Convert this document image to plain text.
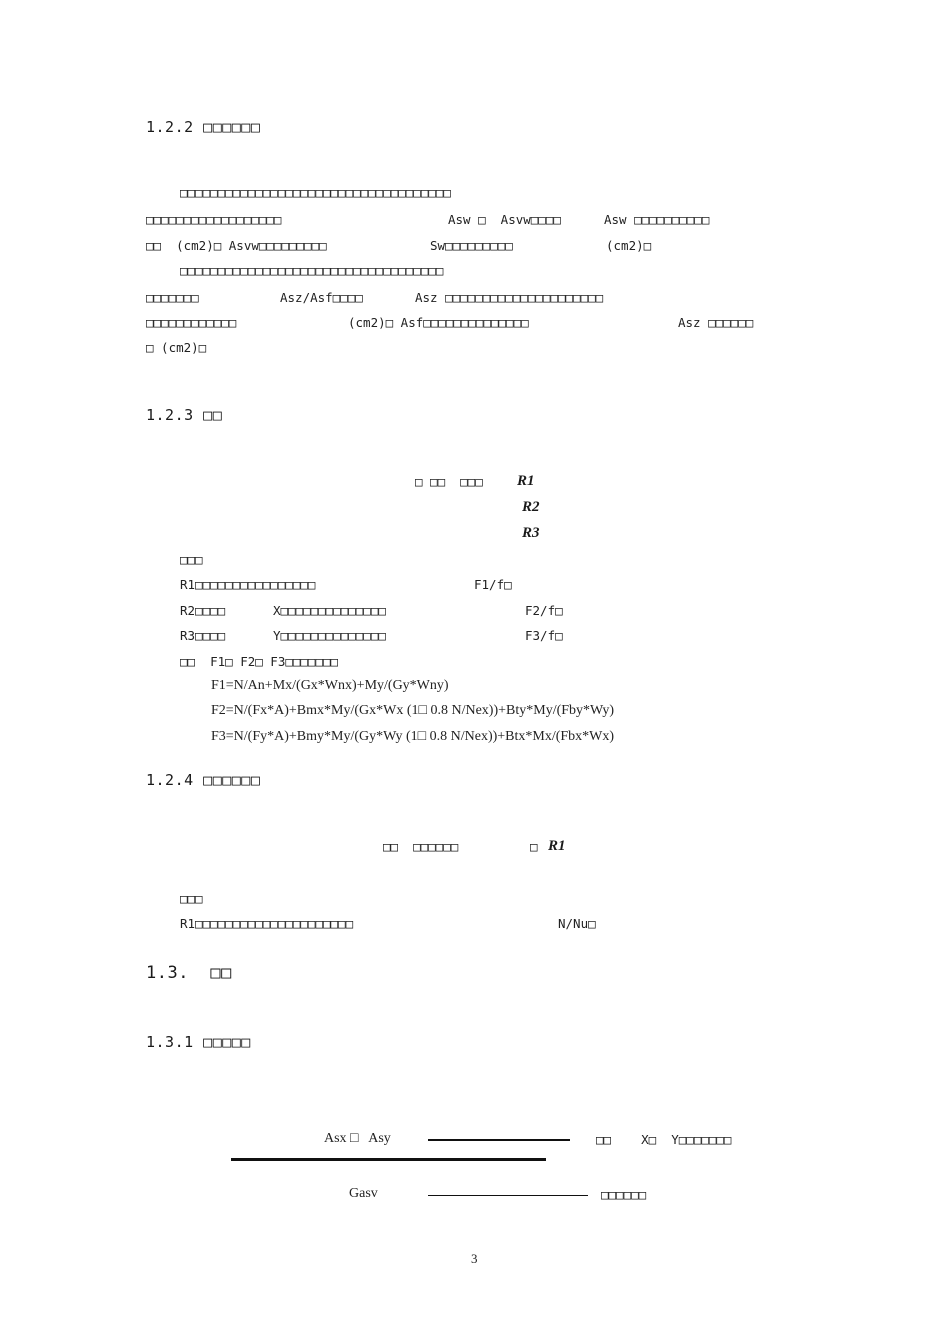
1.2.2 □□□□□□
□□□□□□□□□□□□□□□□□□□□□□□□□□□□□□□□□□□□
□□□□□□□□□□□□□□□□□□	Asw □  Asvw□□□□	Asw □□□□□□□□□□
□□  (cm2)□ Asvw□□□□□□□□□	Sw□□□□□□□□□	(cm2)□
□□□□□□□□□□□□□□□□□□□□□□□□□□□□□□□□□□□
□□□□□□□	Asz/Asf□□□□	Asz □□□□□□□□□□□□□□□□□□□□□
□□□□□□□□□□□□	(cm2)□ Asf□□□□□□□□□□□□□□	Asz □□□□□□
□ (cm2)□
1.2.3 □□
□ □□  □□□ R1
R2
R3
□□□
R1□□□□□□□□□□□□□□□□	F1/f□
R2□□□□	X□□□□□□□□□□□□□□	F2/f□
R3□□□□	Y□□□□□□□□□□□□□□	F3/f□
□□  F1□ F2□ F3□□□□□□□
F1=N/An+Mx/(Gx*Wnx)+My/(Gy*Wny)
F2=N/(Fx*A)+Bmx*My/(Gx*Wx (1□ 0.8 N/Nex))+Bty*My/(Fby*Wy)
F3=N/(Fy*A)+Bmy*My/(Gy*Wy (1□ 0.8 N/Nex))+Btx*Mx/(Fbx*Wx)
1.2.4 □□□□□□
□□  □□□□□□	□ R1
□□□
R1□□□□□□□□□□□□□□□□□□□□□	N/Nu□
1.3.  □□
1.3.1 □□□□□
Asx □   Asy	□□    X□  Y□□□□□□□
Gasv	□□□□□□
3
